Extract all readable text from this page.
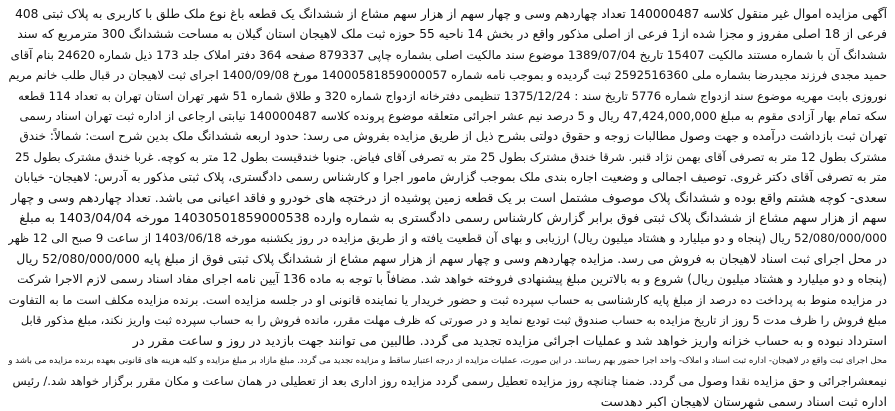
آگهی مزایده اموال غیر منقول کلاسه 140000487 تعداد چهاردهم وسی و چهار سهم از هزار سهم مشاع از ششدانگ یک قطعه باغ نوع ملک طلق با کاربری به پلاک ثبتی 408
فرعی از 18 اصلی مفروز و مجزا شده از1 فرعی از اصلی مذکور واقع در بخش 14 ناحیه 55 حوزه ثبت ملک لاهیجان استان گیلان به مساحت ششدانگ 300 مترمربع که سند
ششدانگ آن با شماره مستند مالکیت 15407 تاریخ 1389/07/04 موضوع سند مالکیت اصلی بشماره چاپی 879337 صفحه 364 دفتر املاک جلد 173 ذیل شماره 24620 بنام آقای
حمید مجدی فرزند مجیدرضا بشماره ملی 2592516360 ثبت گردیده و بموجب نامه شماره 14000581859000057 مورخ 1400/09/08 اجرای ثبت لاهیجان در قبال طلب خانم مریم
نوروزی بابت مهریه موضوع سند ازدواج شماره 5776 تاریخ سند : 1375/12/24 تنظیمی دفترخانه ازدواج شماره 320 و طلاق شماره 51 شهر تهران استان تهران به تعداد 114 قطعه
سکه تمام بهار آزادی مقوم به مبلغ 47,424,000,000 ریال و 5 درصد نیم عشر اجرائی متعلقه موضوع پرونده کلاسه 140000487 نیابتی ارجاعی از اداره ثبت تهران اسناد رسمی
تهران ثبت بازداشت درآمده و جهت وصول مطالبات زوجه و حقوق دولتی بشرح ذیل از طریق مزایده بفروش می رسد: حدود اربعه ششدانگ ملک بدین شرح است: شمالاً: خندق
مشترک بطول 12 متر به تصرفی آقای بهمن نژاد قنبر. شرقا خندق مشترک بطول 25 متر به تصرفی آقای فیاض. جنوبا خندقیست بطول 12 متر به کوچه. غربا خندق مشترک بطول 25
متر به تصرفی آقای دکتر غروی. توصیف اجمالی و وضعیت اجاره بندی ملک بموجب گزارش مامور اجرا و کارشناس رسمی دادگستری، پلاک ثبتی مذکور به آدرس: لاهیجان- خیابان
سعدی- کوچه هشتم واقع بوده و ششدانگ پلاک موصوف مشتمل است بر یک قطعه زمین پوشیده از درختچه های خودرو و فاقد اعیانی می باشد. تعداد چهاردهم وسی و چهار
سهم از هزار سهم مشاع از ششدانگ پلاک ثبتی فوق برابر گزارش کارشناس رسمی دادگستری به شماره وارده 14030501859000538 مورخه 1403/04/04 به مبلغ
52/080/000/000 ریال (پنجاه و دو میلیارد و هشتاد میلیون ریال) ارزیابی و بهای آن قطعیت یافته و از طریق مزایده در روز یکشنبه مورخه 1403/06/18 از ساعت 9 صبح الی 12 ظهر
در محل اجرای ثبت اسناد لاهیجان به فروش می رسد. مزایده چهاردهم وسی و چهار سهم از هزار سهم مشاع از ششدانگ پلاک ثبتی فوق از مبلغ پایه 52/080/000/000 ریال
(پنجاه و دو میلیارد و هشتاد میلیون ریال) شروع و به بالاترین مبلغ پیشنهادی فروخته خواهد شد. مضافاً با توجه به ماده 136 آیین نامه اجرای مفاد اسناد رسمی لازم الاجرا شرکت
در مزایده منوط به پرداخت ده درصد از مبلغ پایه کارشناسی به حساب سپرده ثبت و حضور خریدار یا نماینده قانونی او در جلسه مزایده است. برنده مزایده مکلف است ما به التفاوت
مبلغ فروش را ظرف مدت 5 روز از تاریخ مزایده به حساب صندوق ثبت تودیع نماید و در صورتی که ظرف مهلت مقرر، مانده فروش را به حساب سپرده ثبت واریز نکند، مبلغ مذکور قابل
استرداد نبوده و به حساب خزانه واریز خواهد شد و عملیات اجرائی مزایده تجدید می گردد. طالبین می توانند جهت بازدید در روز و ساعت مقرر در
محل اجرای ثبت واقع در لاهیجان- اداره ثبت اسناد و املاک- واحد اجرا حضور بهم رسانند. در این صورت، عملیات مزایده از درجه اعتبار ساقط و مزایده تجدید می گردد. مبلغ مازاد بر مبلغ مزایده و کلیه هزینه های قانونی بعهده برنده مزایده می باشد و
نیمعشراجرائی و حق مزایده نقدا وصول می گردد. ضمنا چنانچه روز مزایده تعطیل رسمی گردد مزایده روز اداری بعد از تعطیلی در همان ساعت و مکان مقرر برگزار خواهد شد./ رئیس
اداره ثبت اسناد رسمی شهرستان لاهیجان اکبر دهدست
